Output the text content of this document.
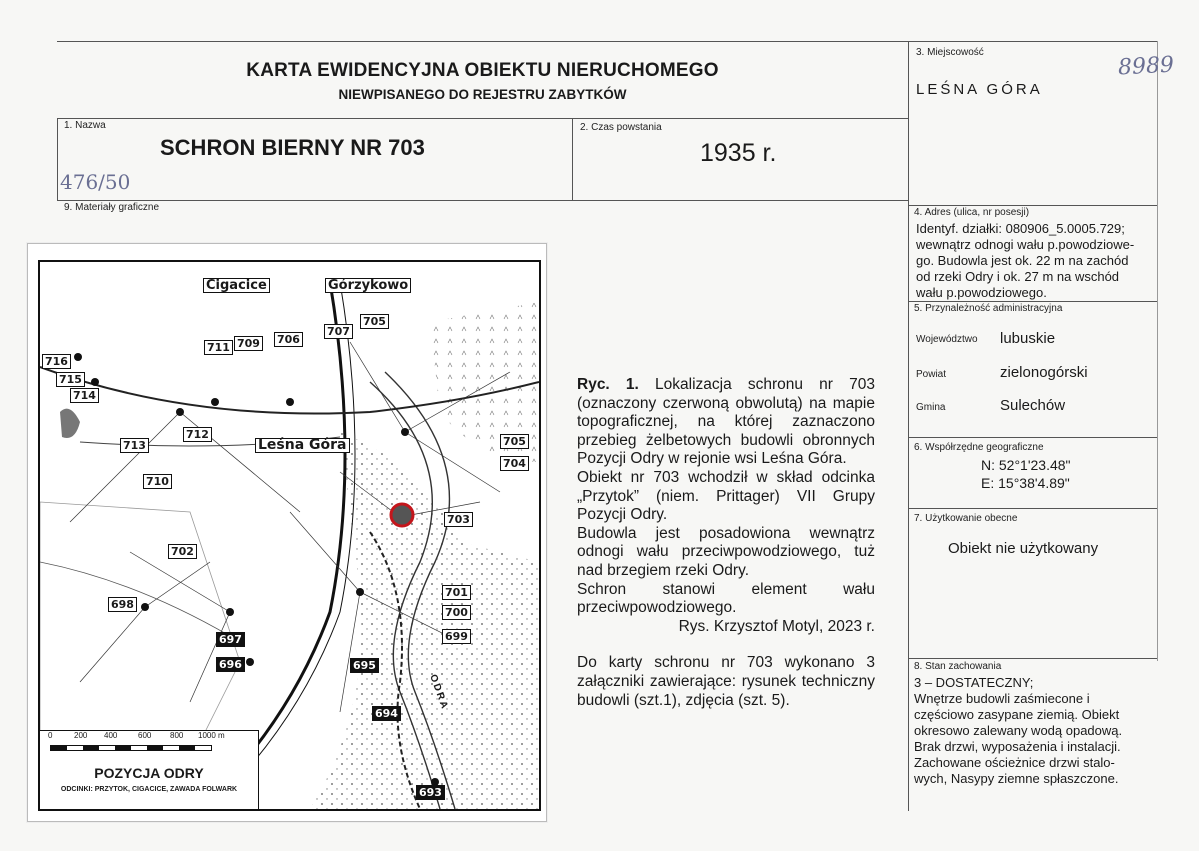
KARTA EWIDENCYJNA OBIEKTU NIERUCHOMEGO
NIEWPISANEGO DO REJESTRU ZABYTKÓW
8989
3. Miejscowość
LEŚNA GÓRA
1. Nazwa
SCHRON BIERNY NR 703
476/50
2. Czas powstania
1935 r.
9. Materiały graficzne	4. Adres (ulica, nr posesji)
Identyf. działki: 080906_5.0005.729;
wewnątrz odnogi wału p.powodziowe-
go. Budowla jest ok. 22 m na zachód
od rzeki Odry i ok. 27 m na wschód
wału p.powodziowego.
5. Przynależność administracyjna
Województwo lubuskie
Powiat	zielonogórski
Gmina	Sulechów
6. Współrzędne geograficzne
N: 52°1'23.48"
E: 15°38'4.89"
7. Użytkowanie obecne
Obiekt nie użytkowany
8. Stan zachowania
3 – DOSTATECZNY;
Wnętrze budowli zaśmiecone i
częściowo zasypane ziemią. Obiekt
okresowo zalewany wodą opadową.
Brak drzwi, wyposażenia i instalacji.
Zachowane ościeżnice drzwi stalo-
wych, Nasypy ziemne spłaszczone.
Ryc. 1. Lokalizacja schronu nr 703 (oznaczony czerwoną obwolutą) na mapie topograficznej, na której zaznaczono przebieg żelbetowych budowli obronnych Pozycji Odry w rejonie wsi Leśna Góra.
Obiekt nr 703 wchodził w skład odcinka „Przytok” (niem. Prittager) VII Grupy Pozycji Odry.
Budowla jest posadowiona wewnątrz odnogi wału przeciwpowodziowego, tuż nad brzegiem rzeki Odry.
Schron stanowi element wału przeciwpowodziowego.
Rys. Krzysztof Motyl, 2023 r.
Do karty schronu nr 703 wykonano 3 załączniki zawierające: rysunek techniczny budowli (szt.1), zdjęcia (szt. 5).
Cigacice	Górzykowo
Leśna Góra
ODRA
716
715
714
711 709 706
707
705
713
712
710
702
698
697
696
705
704
703
701
700
699
695
694
693
0	200 400	600 800 1000 m
POZYCJA ODRY
ODCINKI: PRZYTOK, CIGACICE, ZAWADA FOLWARK
